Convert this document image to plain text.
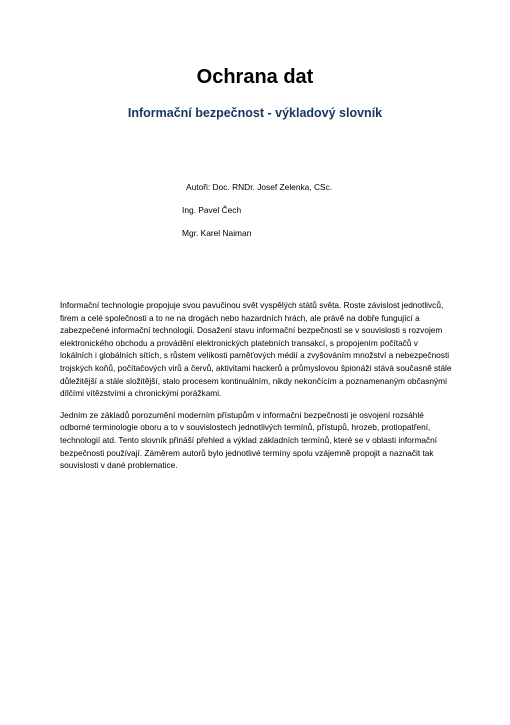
Ochrana dat
Informační bezpečnost - výkladový slovník
Autoři: Doc. RNDr. Josef Zelenka, CSc.
Ing. Pavel Čech
Mgr. Karel Naiman

Informační technologie propojuje svou pavučinou svět vyspělých států světa. Roste závislost jednotlivců, firem a celé společnosti a to ne na drogách nebo hazardních hrách, ale právě na dobře fungující a zabezpečené informační technologii. Dosažení stavu informační bezpečnosti se v souvislosti s rozvojem elektronického obchodu a provádění elektronických platebních transakcí, s propojením počítačů v lokálních i globálních sítích, s růstem velikosti paměťových médií a zvyšováním množství a nebezpečnosti trojských koňů, počítačových virů a červů, aktivitami hackerů a průmyslovou špionáží stává současně stále důležitější a stále složitější, stalo procesem kontinuálním, nikdy nekončícím a poznamenaným občasnými dílčími vítězstvími a chronickými porážkami.

Jedním ze základů porozumění moderním přístupům v informační bezpečnosti je osvojení rozsáhlé odborné terminologie oboru a to v souvislostech jednotlivých termínů, přístupů, hrozeb, protiopatření, technologií atd. Tento slovník přináší přehled a výklad základních termínů, které se v oblasti informační bezpečnosti používají. Záměrem autorů bylo jednotlivé termíny spolu vzájemně propojit a naznačit tak souvislosti v dané problematice.
